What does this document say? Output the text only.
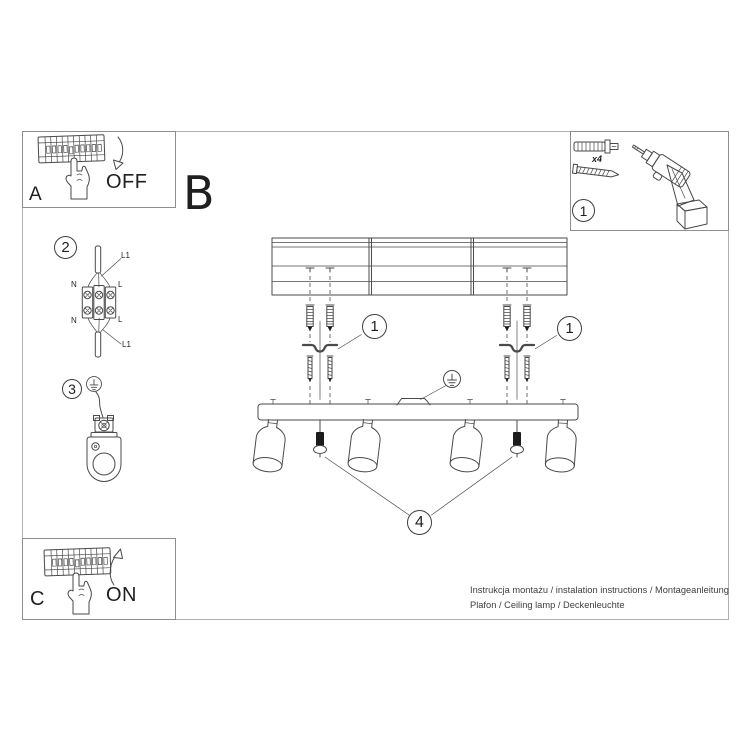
A
OFF B
x4
C	ON
L1
N	L
N	L
L1
1
2
3
1	1
4
Instrukcja montażu / instalation instructions / Montageanleitung
Plafon / Ceiling lamp / Deckenleuchte
